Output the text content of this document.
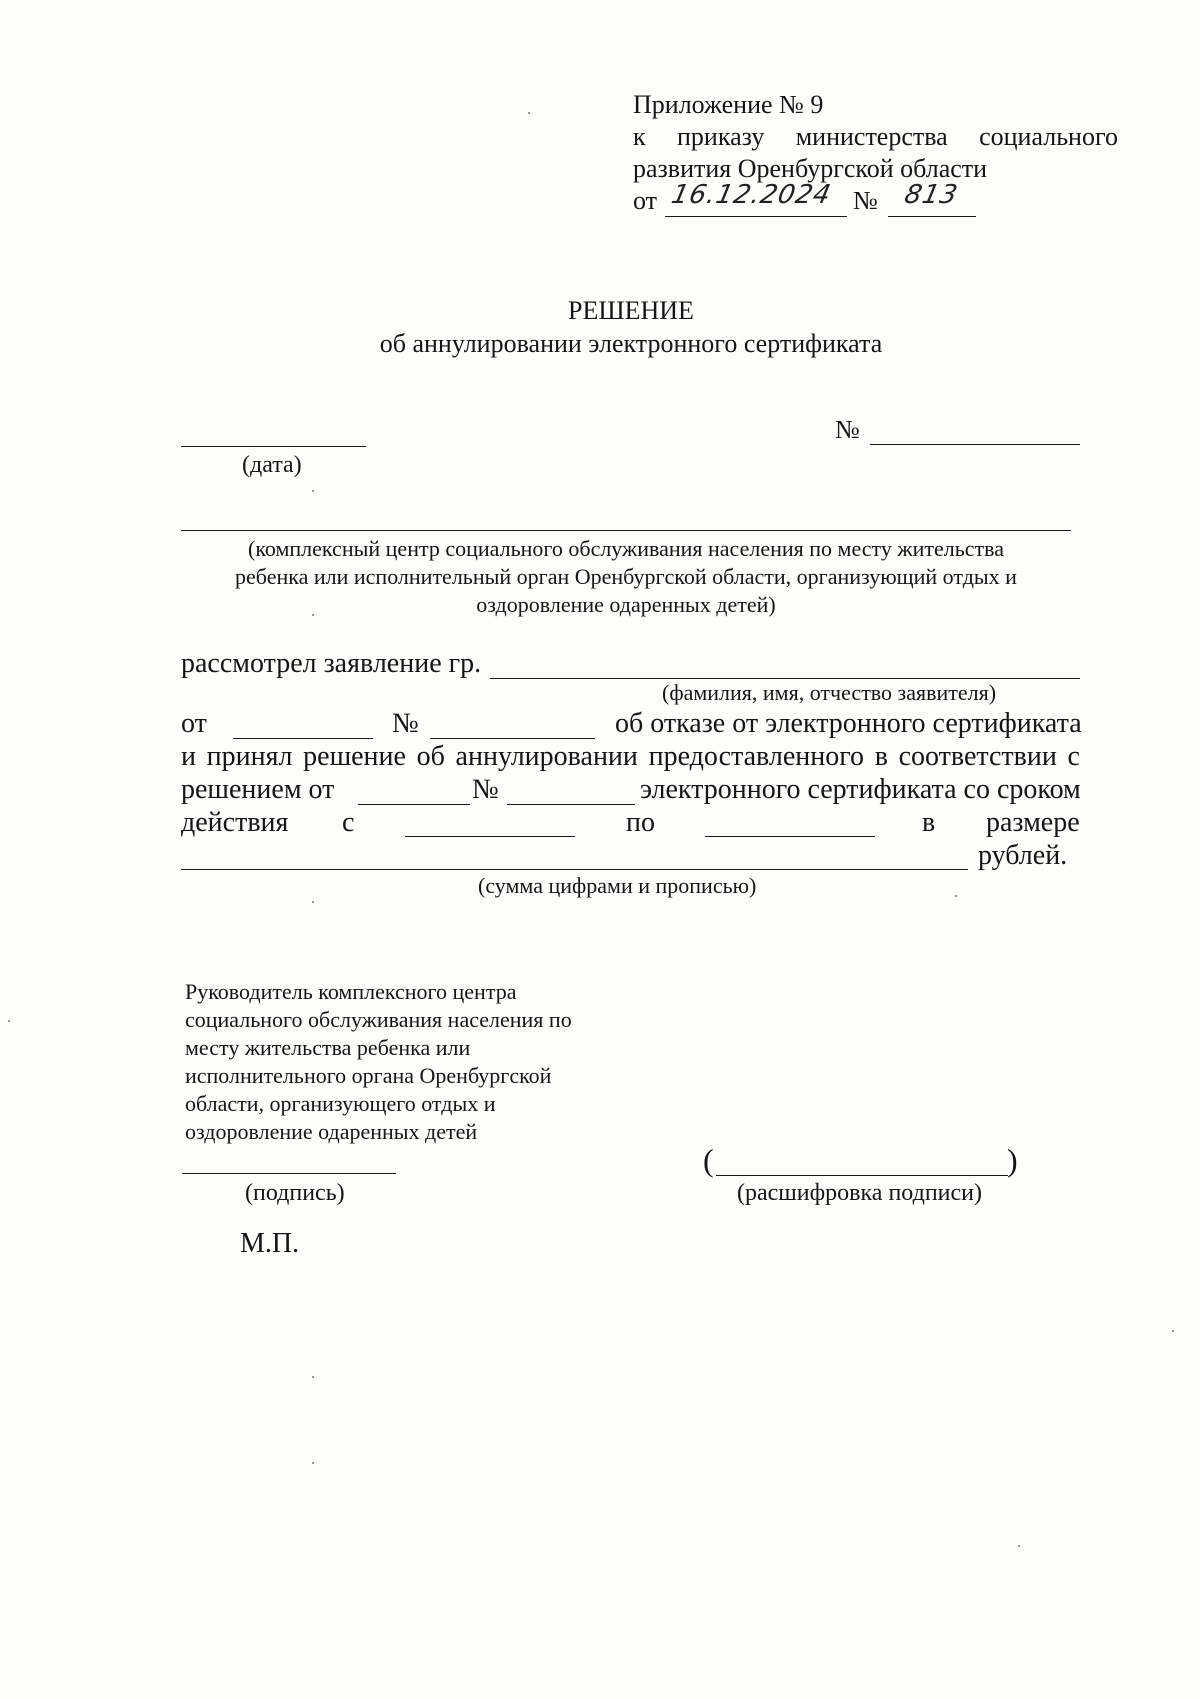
Приложение № 9
к приказу министерства социального
развития Оренбургской области
от 16.12.2024 № 813
РЕШЕНИЕ
об аннулировании электронного сертификата
(дата)
№
(комплексный центр социального обслуживания населения по месту жительства
ребенка или исполнительный орган Оренбургской области, организующий отдых и
оздоровление одаренных детей)
рассмотрел заявление гр.
(фамилия, имя, отчество заявителя)
от	№	об отказе от электронного сертификата
и принял решение об аннулировании предоставленного в соответствии с
решением от	№	электронного сертификата со сроком
действия с	по	в размере
рублей.
(сумма цифрами и прописью)
Руководитель комплексного центра
социального обслуживания населения по
месту жительства ребенка или
исполнительного органа Оренбургской
области, организующего отдых и
оздоровление одаренных детей
(подпись)
(	)
(расшифровка подписи)
М.П.
